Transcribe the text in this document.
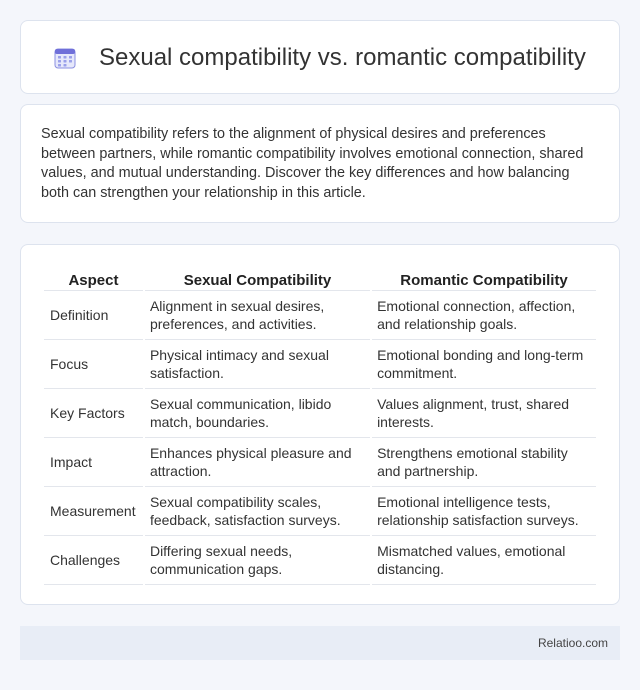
Sexual compatibility vs. romantic compatibility

Sexual compatibility refers to the alignment of physical desires and preferences between partners, while romantic compatibility involves emotional connection, shared values, and mutual understanding. Discover the key differences and how balancing both can strengthen your relationship in this article.

Aspect	Sexual Compatibility	Romantic Compatibility
Definition	Alignment in sexual desires, preferences, and activities.	Emotional connection, affection, and relationship goals.
Focus	Physical intimacy and sexual satisfaction.	Emotional bonding and long-term commitment.
Key Factors	Sexual communication, libido match, boundaries.	Values alignment, trust, shared interests.
Impact	Enhances physical pleasure and attraction.	Strengthens emotional stability and partnership.
Measurement	Sexual compatibility scales, feedback, satisfaction surveys.	Emotional intelligence tests, relationship satisfaction surveys.
Challenges	Differing sexual needs, communication gaps.	Mismatched values, emotional distancing.
Relatioo.com
